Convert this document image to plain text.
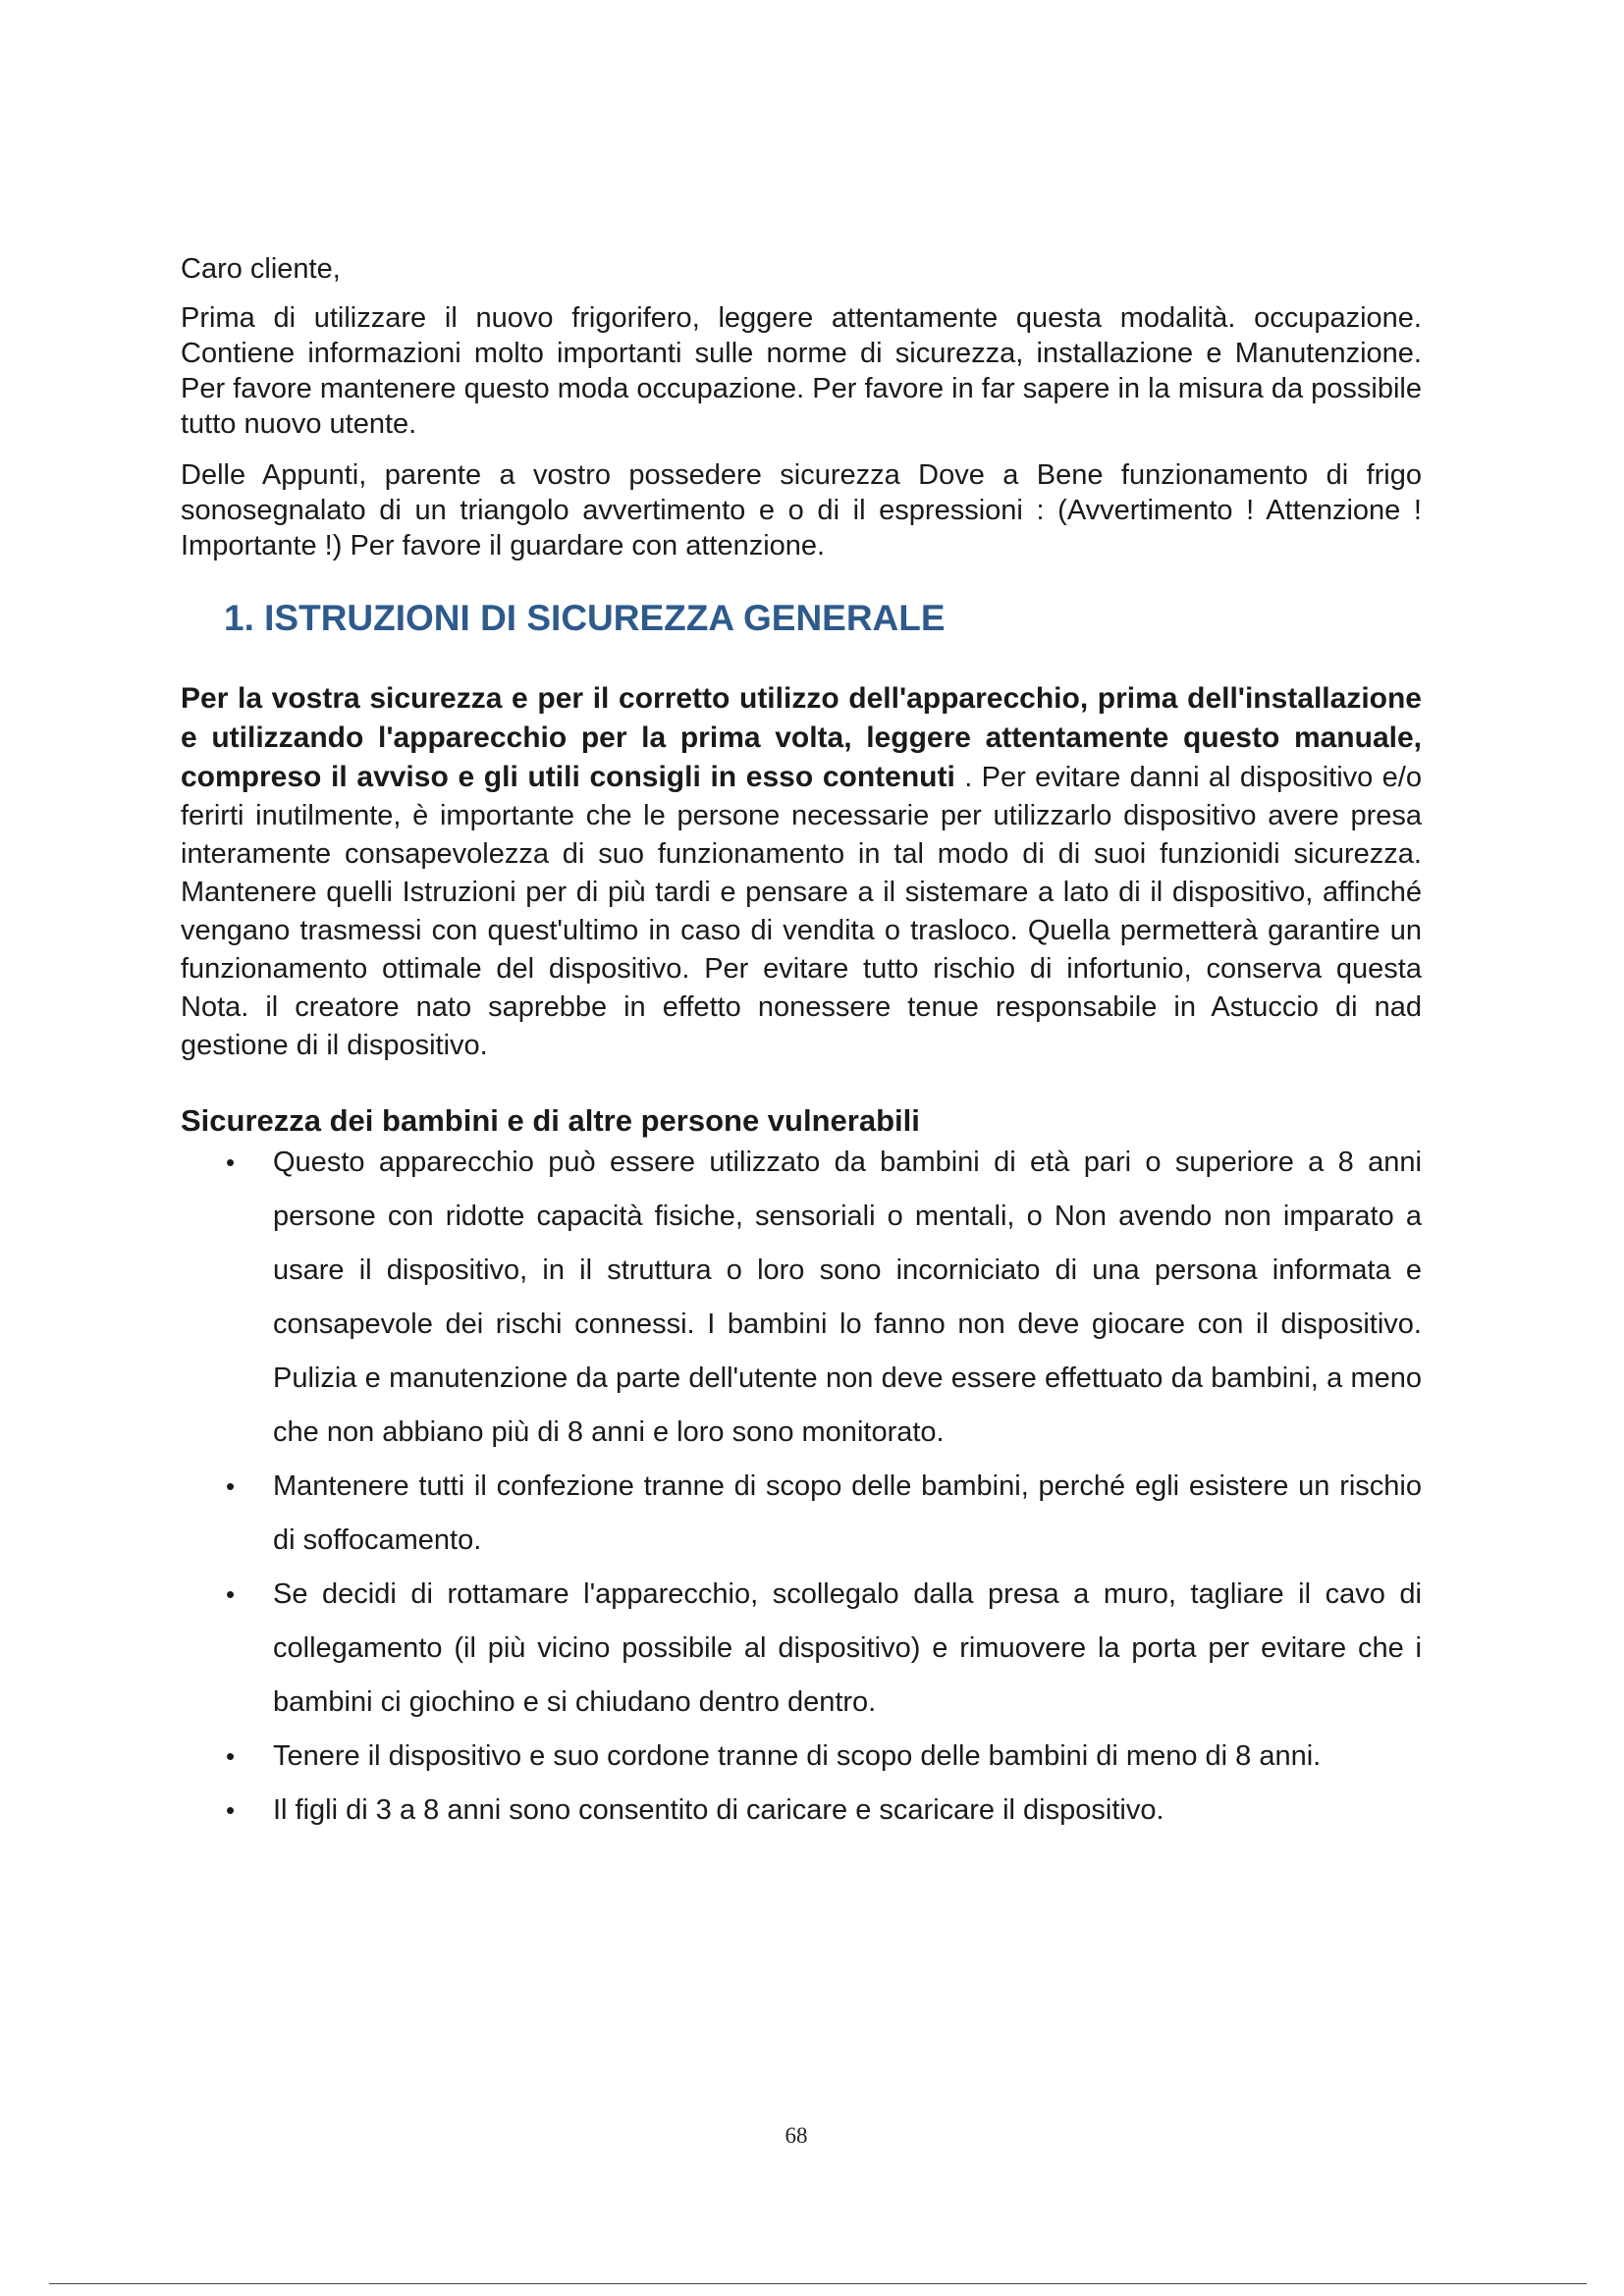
Caro cliente,

Prima di utilizzare il nuovo frigorifero, leggere attentamente questa modalità. occupazione. Contiene informazioni molto importanti sulle norme di sicurezza, installazione e Manutenzione. Per favore mantenere questo moda occupazione. Per favore in far sapere in la misura da possibile tutto nuovo utente.

Delle Appunti, parente a vostro possedere sicurezza Dove a Bene funzionamento di frigo sonosegnalato di un triangolo avvertimento e o di il espressioni : (Avvertimento ! Attenzione ! Importante !) Per favore il guardare con attenzione.

1. ISTRUZIONI DI SICUREZZA GENERALE

Per la vostra sicurezza e per il corretto utilizzo dell'apparecchio, prima dell'installazione e utilizzando l'apparecchio per la prima volta, leggere attentamente questo manuale, compreso il avviso e gli utili consigli in esso contenuti . Per evitare danni al dispositivo e/o ferirti inutilmente, è importante che le persone necessarie per utilizzarlo dispositivo avere presa interamente consapevolezza di suo funzionamento in tal modo di di suoi funzionidi sicurezza. Mantenere quelli Istruzioni per di più tardi e pensare a il sistemare a lato di il dispositivo, affinché vengano trasmessi con quest'ultimo in caso di vendita o trasloco. Quella permetterà garantire un funzionamento ottimale del dispositivo. Per evitare tutto rischio di infortunio, conserva questa Nota. il creatore nato saprebbe in effetto nonessere tenue responsabile in Astuccio di nad gestione di il dispositivo.

Sicurezza dei bambini e di altre persone vulnerabili
• Questo apparecchio può essere utilizzato da bambini di età pari o superiore a 8 anni persone con ridotte capacità fisiche, sensoriali o mentali, o Non avendo non imparato a usare il dispositivo, in il struttura o loro sono incorniciato di una persona informata e consapevole dei rischi connessi. I bambini lo fanno non deve giocare con il dispositivo. Pulizia e manutenzione da parte dell'utente non deve essere effettuato da bambini, a meno che non abbiano più di 8 anni e loro sono monitorato.
• Mantenere tutti il confezione tranne di scopo delle bambini, perché egli esistere un rischio di soffocamento.
• Se decidi di rottamare l'apparecchio, scollegalo dalla presa a muro, tagliare il cavo di collegamento (il più vicino possibile al dispositivo) e rimuovere la porta per evitare che i bambini ci giochino e si chiudano dentro dentro.
• Tenere il dispositivo e suo cordone tranne di scopo delle bambini di meno di 8 anni.
• Il figli di 3 a 8 anni sono consentito di caricare e scaricare il dispositivo.
68
